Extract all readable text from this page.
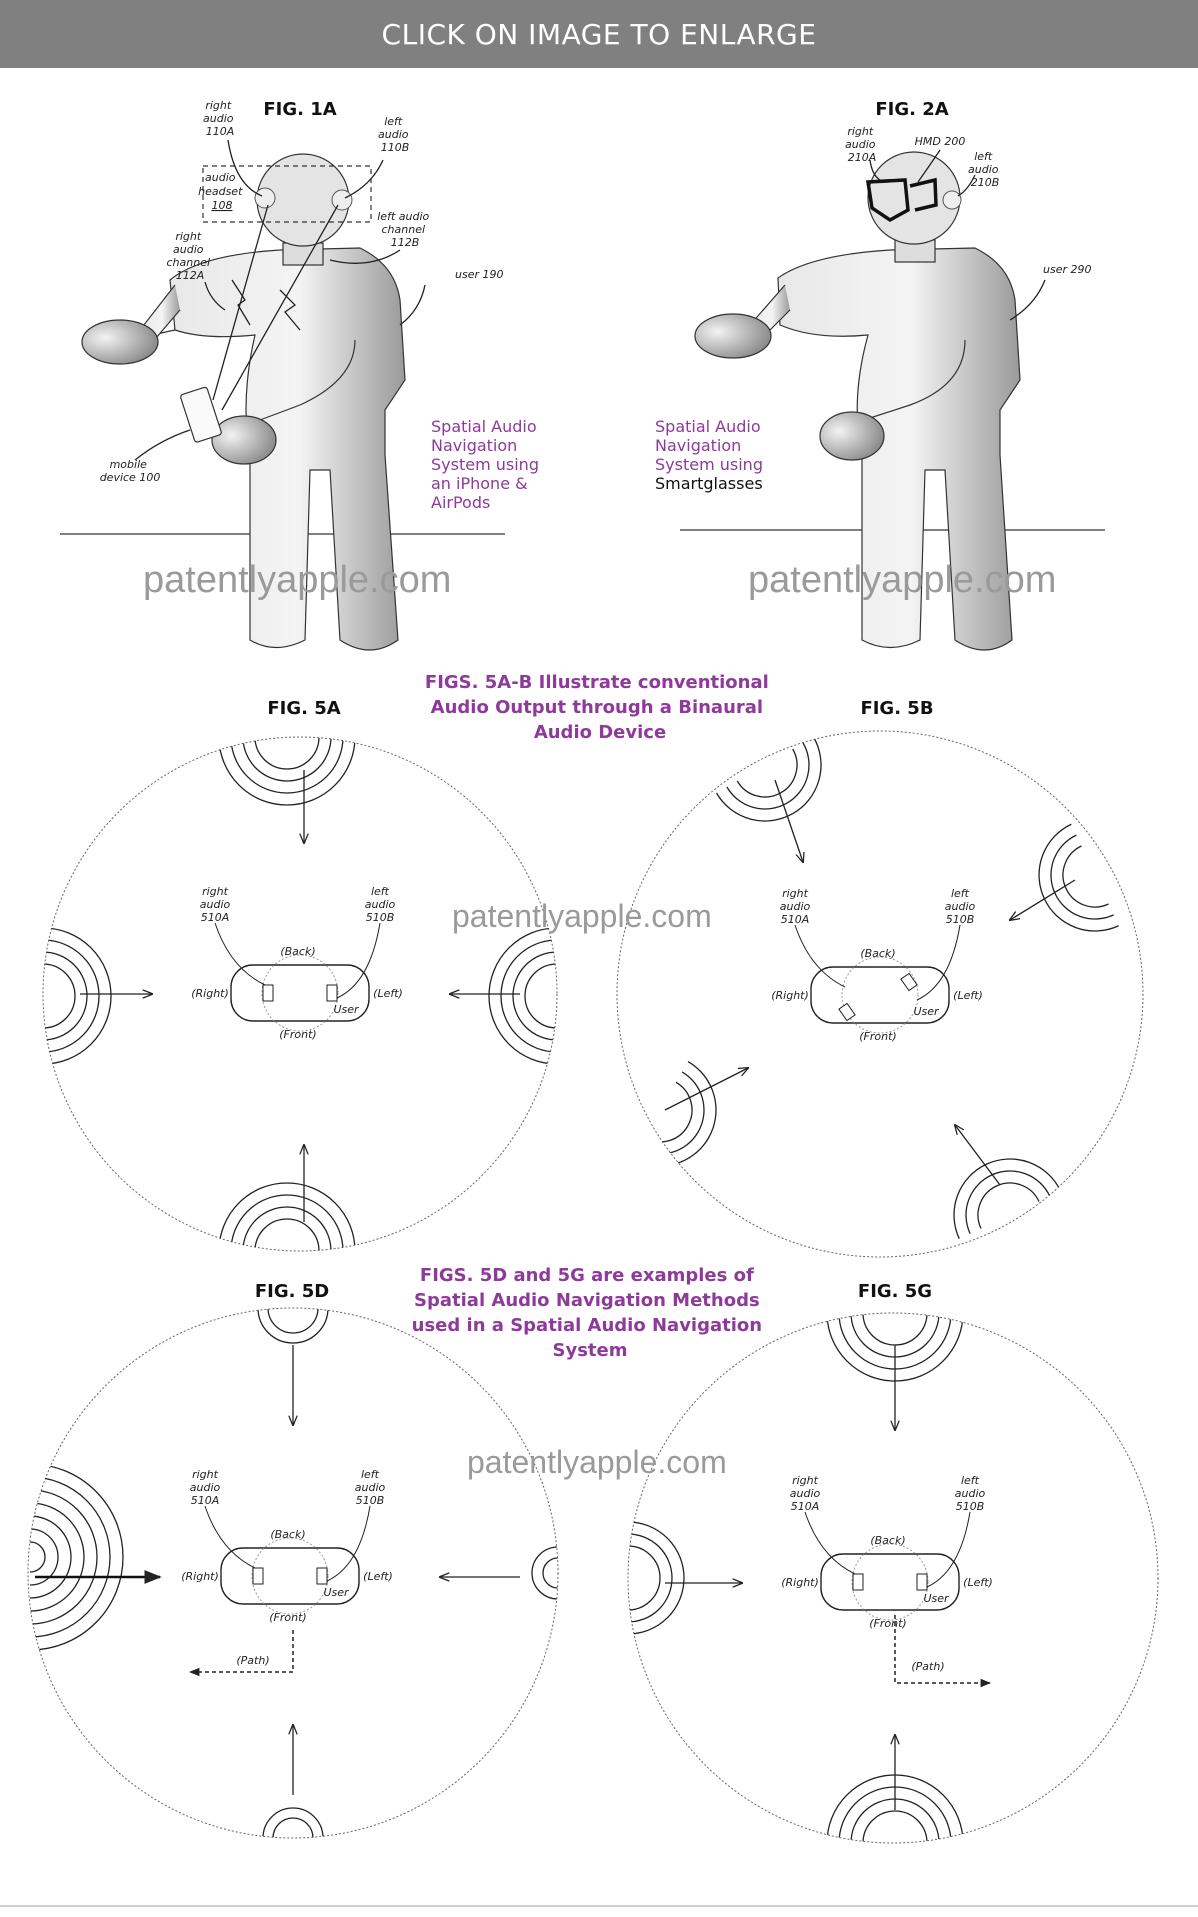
CLICK ON IMAGE TO ENLARGE
FIG. 1A
right audio 110A
left audio 110B
audio headset 108
left audio channel 112B
right audio channel 112A	user 190
mobile device 100
Spatial Audio Navigation System using an iPhone & AirPods
patentlyapple.com
FIG. 2A
right audio 210A
HMD 200
left audio 210B
user 290
Spatial Audio Navigation System using
Smartglasses
patentlyapple.com
FIGS. 5A-B Illustrate conventional Audio Output through a Binaural Audio Device
FIG. 5A	FIG. 5B
FIGS. 5D and 5G are examples of Spatial Audio Navigation Methods used in a Spatial Audio Navigation System
FIG. 5D	FIG. 5G
patentlyapple.com
patentlyapple.com
right audio 510A
left audio 510B
(Back)
(Front)
(Right)	(Left)
User
right audio 510A
left audio 510B
(Back)
(Front)
(Right)	(Left)
User
right audio 510A
left audio 510B
(Back)
(Front)
(Right)	(Left)
User
right audio 510A
left audio 510B
(Back)
(Front)
(Right)	(Left)
User
(Path)	(Path)
